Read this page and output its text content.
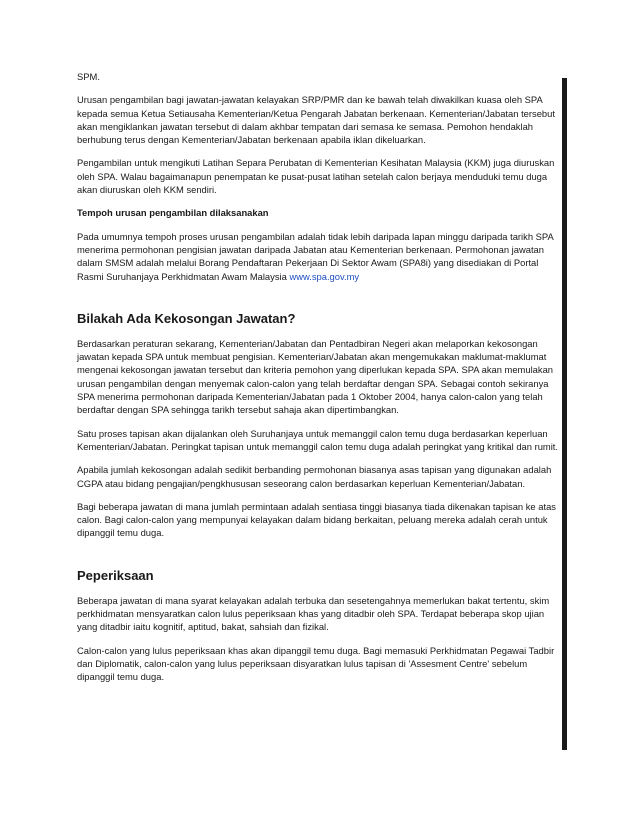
SPM.

Urusan pengambilan bagi jawatan-jawatan kelayakan SRP/PMR dan ke bawah telah diwakilkan kuasa oleh SPA kepada semua Ketua Setiausaha Kementerian/Ketua Pengarah Jabatan berkenaan. Kementerian/Jabatan tersebut akan mengiklankan jawatan tersebut di dalam akhbar tempatan dari semasa ke semasa. Pemohon hendaklah berhubung terus dengan Kementerian/Jabatan berkenaan apabila iklan dikeluarkan.

Pengambilan untuk mengikuti Latihan Separa Perubatan di Kementerian Kesihatan Malaysia (KKM) juga diuruskan oleh SPA. Walau bagaimanapun penempatan ke pusat-pusat latihan setelah calon berjaya menduduki temu duga akan diuruskan oleh KKM sendiri.

Tempoh urusan pengambilan dilaksanakan

Pada umumnya tempoh proses urusan pengambilan adalah tidak lebih daripada lapan minggu daripada tarikh SPA menerima permohonan pengisian jawatan daripada Jabatan atau Kementerian berkenaan. Permohonan jawatan dalam SMSM adalah melalui Borang Pendaftaran Pekerjaan Di Sektor Awam (SPA8i) yang disediakan di Portal Rasmi Suruhanjaya Perkhidmatan Awam Malaysia www.spa.gov.my

Bilakah Ada Kekosongan Jawatan?

Berdasarkan peraturan sekarang, Kementerian/Jabatan dan Pentadbiran Negeri akan melaporkan kekosongan jawatan kepada SPA untuk membuat pengisian. Kementerian/Jabatan akan mengemukakan maklumat-maklumat mengenai kekosongan jawatan tersebut dan kriteria pemohon yang diperlukan kepada SPA. SPA akan memulakan urusan pengambilan dengan menyemak calon-calon yang telah berdaftar dengan SPA. Sebagai contoh sekiranya SPA menerima permohonan daripada Kementerian/Jabatan pada 1 Oktober 2004, hanya calon-calon yang telah berdaftar dengan SPA sehingga tarikh tersebut sahaja akan dipertimbangkan.

Satu proses tapisan akan dijalankan oleh Suruhanjaya untuk memanggil calon temu duga berdasarkan keperluan Kementerian/Jabatan. Peringkat tapisan untuk memanggil calon temu duga adalah peringkat yang kritikal dan rumit.

Apabila jumlah kekosongan adalah sedikit berbanding permohonan biasanya asas tapisan yang digunakan adalah CGPA atau bidang pengajian/pengkhususan seseorang calon berdasarkan keperluan Kementerian/Jabatan.

Bagi beberapa jawatan di mana jumlah permintaan adalah sentiasa tinggi biasanya tiada dikenakan tapisan ke atas calon. Bagi calon-calon yang mempunyai kelayakan dalam bidang berkaitan, peluang mereka adalah cerah untuk dipanggil temu duga.

Peperiksaan

Beberapa jawatan di mana syarat kelayakan adalah terbuka dan sesetengahnya memerlukan bakat tertentu, skim perkhidmatan mensyaratkan calon lulus peperiksaan khas yang ditadbir oleh SPA. Terdapat beberapa skop ujian yang ditadbir iaitu kognitif, aptitud, bakat, sahsiah dan fizikal.

Calon-calon yang lulus peperiksaan khas akan dipanggil temu duga. Bagi memasuki Perkhidmatan Pegawai Tadbir dan Diplomatik, calon-calon yang lulus peperiksaan disyaratkan lulus tapisan di 'Assesment Centre' sebelum dipanggil temu duga.
